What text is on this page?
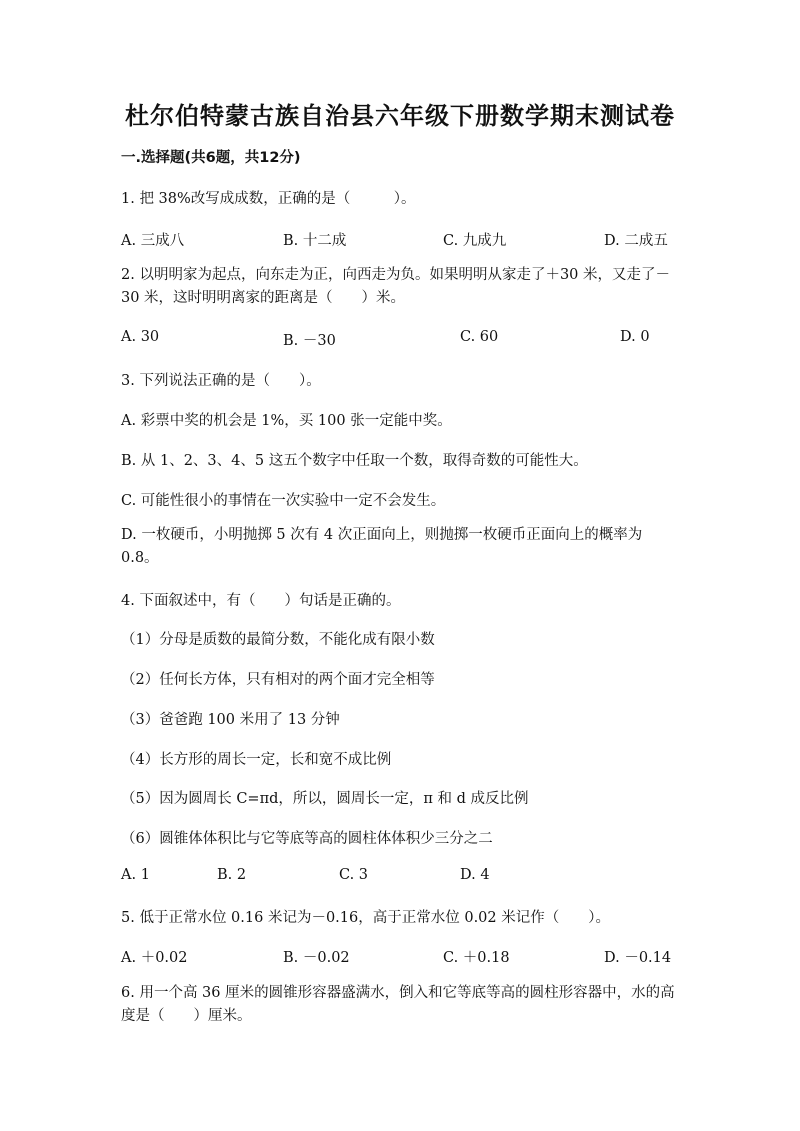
杜尔伯特蒙古族自治县六年级下册数学期末测试卷
一.选择题(共6题，共12分)
1. 把 38%改写成成数，正确的是（　　　）。
A. 三成八	B. 十二成	C. 九成九	D. 二成五
2. 以明明家为起点，向东走为正，向西走为负。如果明明从家走了＋30 米，又走了－30 米，这时明明离家的距离是（　　）米。
A. 30	B. －30	C. 60	D. 0
3. 下列说法正确的是（　　）。
A. 彩票中奖的机会是 1%，买 100 张一定能中奖。
B. 从 1、2、3、4、5 这五个数字中任取一个数，取得奇数的可能性大。
C. 可能性很小的事情在一次实验中一定不会发生。
D. 一枚硬币，小明抛掷 5 次有 4 次正面向上，则抛掷一枚硬币正面向上的概率为 0.8。
4. 下面叙述中，有（　　）句话是正确的。
（1）分母是质数的最简分数，不能化成有限小数
（2）任何长方体，只有相对的两个面才完全相等
（3）爸爸跑 100 米用了 13 分钟
（4）长方形的周长一定，长和宽不成比例
（5）因为圆周长 C=πd，所以，圆周长一定，π 和 d 成反比例
（6）圆锥体体积比与它等底等高的圆柱体体积少三分之二
A. 1	B. 2	C. 3	D. 4
5. 低于正常水位 0.16 米记为－0.16，高于正常水位 0.02 米记作（　　）。
A. ＋0.02	B. －0.02	C. ＋0.18	D. －0.14
6. 用一个高 36 厘米的圆锥形容器盛满水，倒入和它等底等高的圆柱形容器中，水的高度是（　　）厘米。
